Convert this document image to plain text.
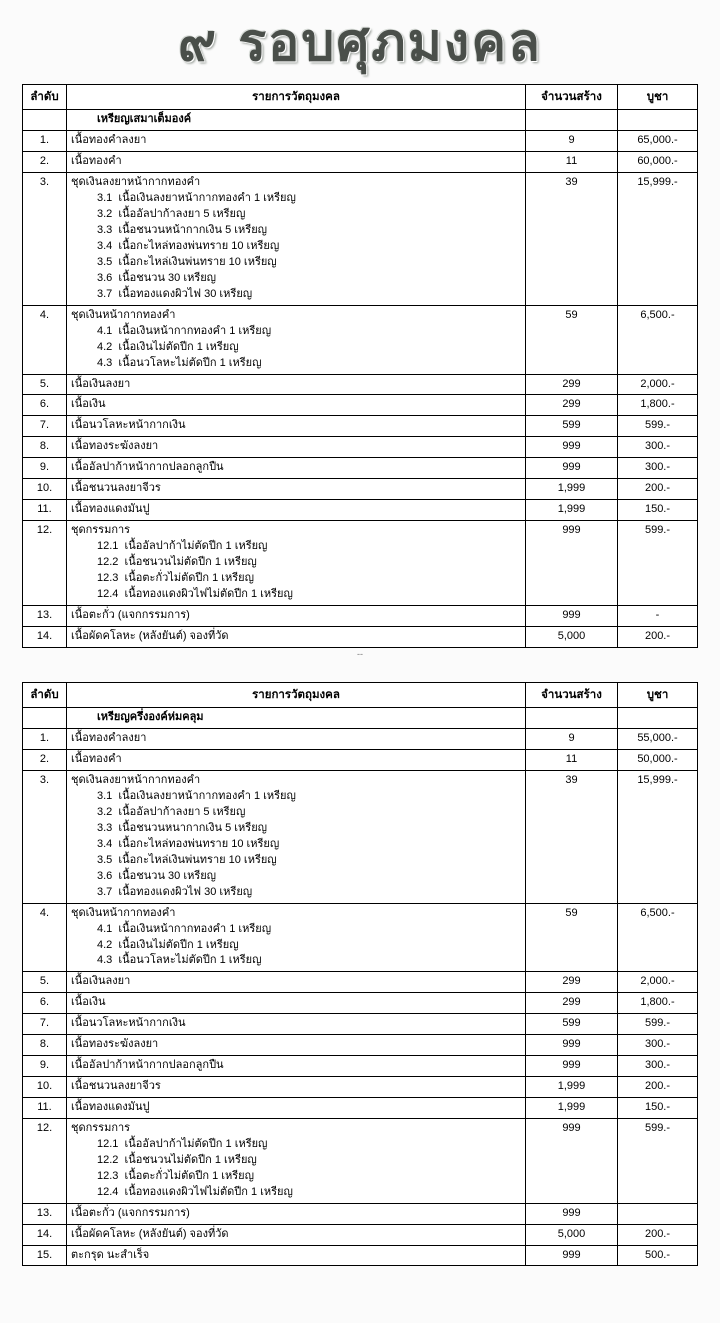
๙ รอบศุภมงคล
ลำดับ	รายการวัตถุมงคล	จำนวนสร้าง	บูชา
	เหรียญเสมาเต็มองค์		
1.	เนื้อทองคำลงยา	9	65,000.-
2.	เนื้อทองคำ	11	60,000.-
3.	ชุดเงินลงยาหน้ากากทองคำ
3.1  เนื้อเงินลงยาหน้ากากทองคำ 1 เหรียญ
3.2  เนื้ออัลปาก้าลงยา 5 เหรียญ
3.3  เนื้อชนวนหน้ากากเงิน 5 เหรียญ
3.4  เนื้อกะไหล่ทองพ่นทราย 10 เหรียญ
3.5  เนื้อกะไหล่เงินพ่นทราย 10 เหรียญ
3.6  เนื้อชนวน 30 เหรียญ
3.7  เนื้อทองแดงผิวไฟ 30 เหรียญ
	39	15,999.-
4.	ชุดเงินหน้ากากทองคำ
4.1  เนื้อเงินหน้ากากทองคำ 1 เหรียญ
4.2  เนื้อเงินไม่ตัดปีก 1 เหรียญ
4.3  เนื้อนวโลหะไม่ตัดปีก 1 เหรียญ	59	6,500.-
5.	เนื้อเงินลงยา	299	2,000.-
6.	เนื้อเงิน	299	1,800.-
7.	เนื้อนวโลหะหน้ากากเงิน	599	599.-
8.	เนื้อทองระฆังลงยา	999	300.-
9.	เนื้ออัลปาก้าหน้ากากปลอกลูกปืน	999	300.-
10.	เนื้อชนวนลงยาจีวร	1,999	200.-
11.	เนื้อทองแดงมันปู	1,999	150.-
12.	ชุดกรรมการ
12.1  เนื้ออัลปาก้าไม่ตัดปีก 1 เหรียญ
12.2  เนื้อชนวนไม่ตัดปีก 1 เหรียญ
12.3  เนื้อตะกั่วไม่ตัดปีก 1 เหรียญ
12.4  เนื้อทองแดงผิวไฟไม่ตัดปีก 1 เหรียญ	999	599.-
13.	เนื้อตะกั่ว (แจกกรรมการ)	999	-
14.	เนื้อผัดคโลหะ (หลังยันต์) จองที่วัด	5,000	200.-
--
ลำดับ	รายการวัตถุมงคล	จำนวนสร้าง	บูชา
	เหรียญครึ่งองค์ห่มคลุม		
1.	เนื้อทองคำลงยา	9	55,000.-
2.	เนื้อทองคำ	11	50,000.-
3.	ชุดเงินลงยาหน้ากากทองคำ
3.1  เนื้อเงินลงยาหน้ากากทองคำ 1 เหรียญ
3.2  เนื้ออัลปาก้าลงยา 5 เหรียญ
3.3  เนื้อชนวนหนากากเงิน 5 เหรียญ
3.4  เนื้อกะไหล่ทองพ่นทราย 10 เหรียญ
3.5  เนื้อกะไหล่เงินพ่นทราย 10 เหรียญ
3.6  เนื้อชนวน 30 เหรียญ
3.7  เนื้อทองแดงผิวไฟ 30 เหรียญ
	39	15,999.-
4.	ชุดเงินหน้ากากทองคำ
4.1  เนื้อเงินหน้ากากทองคำ 1 เหรียญ
4.2  เนื้อเงินไม่ตัดปีก 1 เหรียญ
4.3  เนื้อนวโลหะไม่ตัดปีก 1 เหรียญ	59	6,500.-
5.	เนื้อเงินลงยา	299	2,000.-
6.	เนื้อเงิน	299	1,800.-
7.	เนื้อนวโลหะหน้ากากเงิน	599	599.-
8.	เนื้อทองระฆังลงยา	999	300.-
9.	เนื้ออัลปาก้าหน้ากากปลอกลูกปืน	999	300.-
10.	เนื้อชนวนลงยาจีวร	1,999	200.-
11.	เนื้อทองแดงมันปู	1,999	150.-
12.	ชุดกรรมการ
12.1  เนื้ออัลปาก้าไม่ตัดปีก 1 เหรียญ
12.2  เนื้อชนวนไม่ตัดปีก 1 เหรียญ
12.3  เนื้อตะกั่วไม่ตัดปีก 1 เหรียญ
12.4  เนื้อทองแดงผิวไฟไม่ตัดปีก 1 เหรียญ	999	599.-
13.	เนื้อตะกั่ว (แจกกรรมการ)	999	
14.	เนื้อผัดคโลหะ (หลังยันต์) จองที่วัด	5,000	200.-
15.	ตะกรุด นะสำเร็จ	999	500.-
